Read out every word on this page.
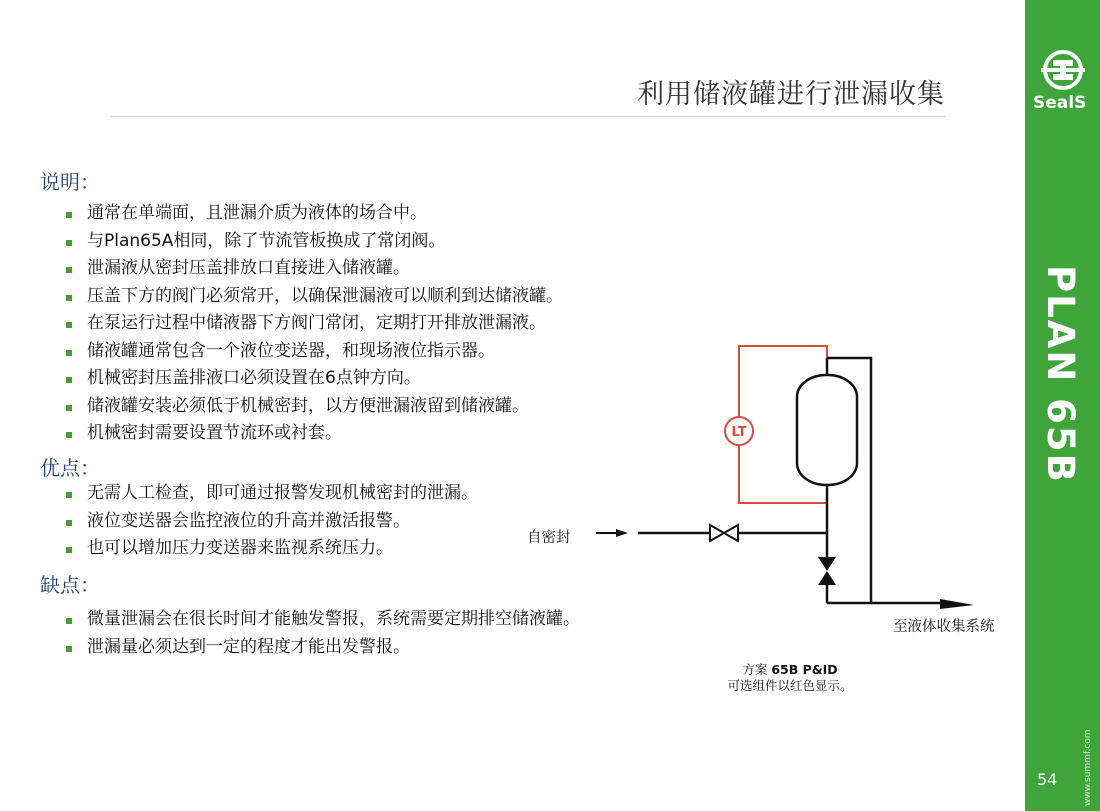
利用储液罐进行泄漏收集
说明：
通常在单端面，且泄漏介质为液体的场合中。
与Plan65A相同，除了节流管板换成了常闭阀。
泄漏液从密封压盖排放口直接进入储液罐。
压盖下方的阀门必须常开，以确保泄漏液可以顺利到达储液罐。
在泵运行过程中储液器下方阀门常闭，定期打开排放泄漏液。
储液罐通常包含一个液位变送器，和现场液位指示器。
机械密封压盖排液口必须设置在6点钟方向。
储液罐安装必须低于机械密封，以方便泄漏液留到储液罐。
机械密封需要设置节流环或衬套。
优点：
无需人工检查，即可通过报警发现机械密封的泄漏。
液位变送器会监控液位的升高并激活报警。
也可以增加压力变送器来监视系统压力。
缺点：
微量泄漏会在很长时间才能触发警报，系统需要定期排空储液罐。
泄漏量必须达到一定的程度才能出发警报。
LT
自密封
至液体收集系统
方案 65B P&ID
可选组件以红色显示。
SealS
PLAN 65B
www.summf.com
54
